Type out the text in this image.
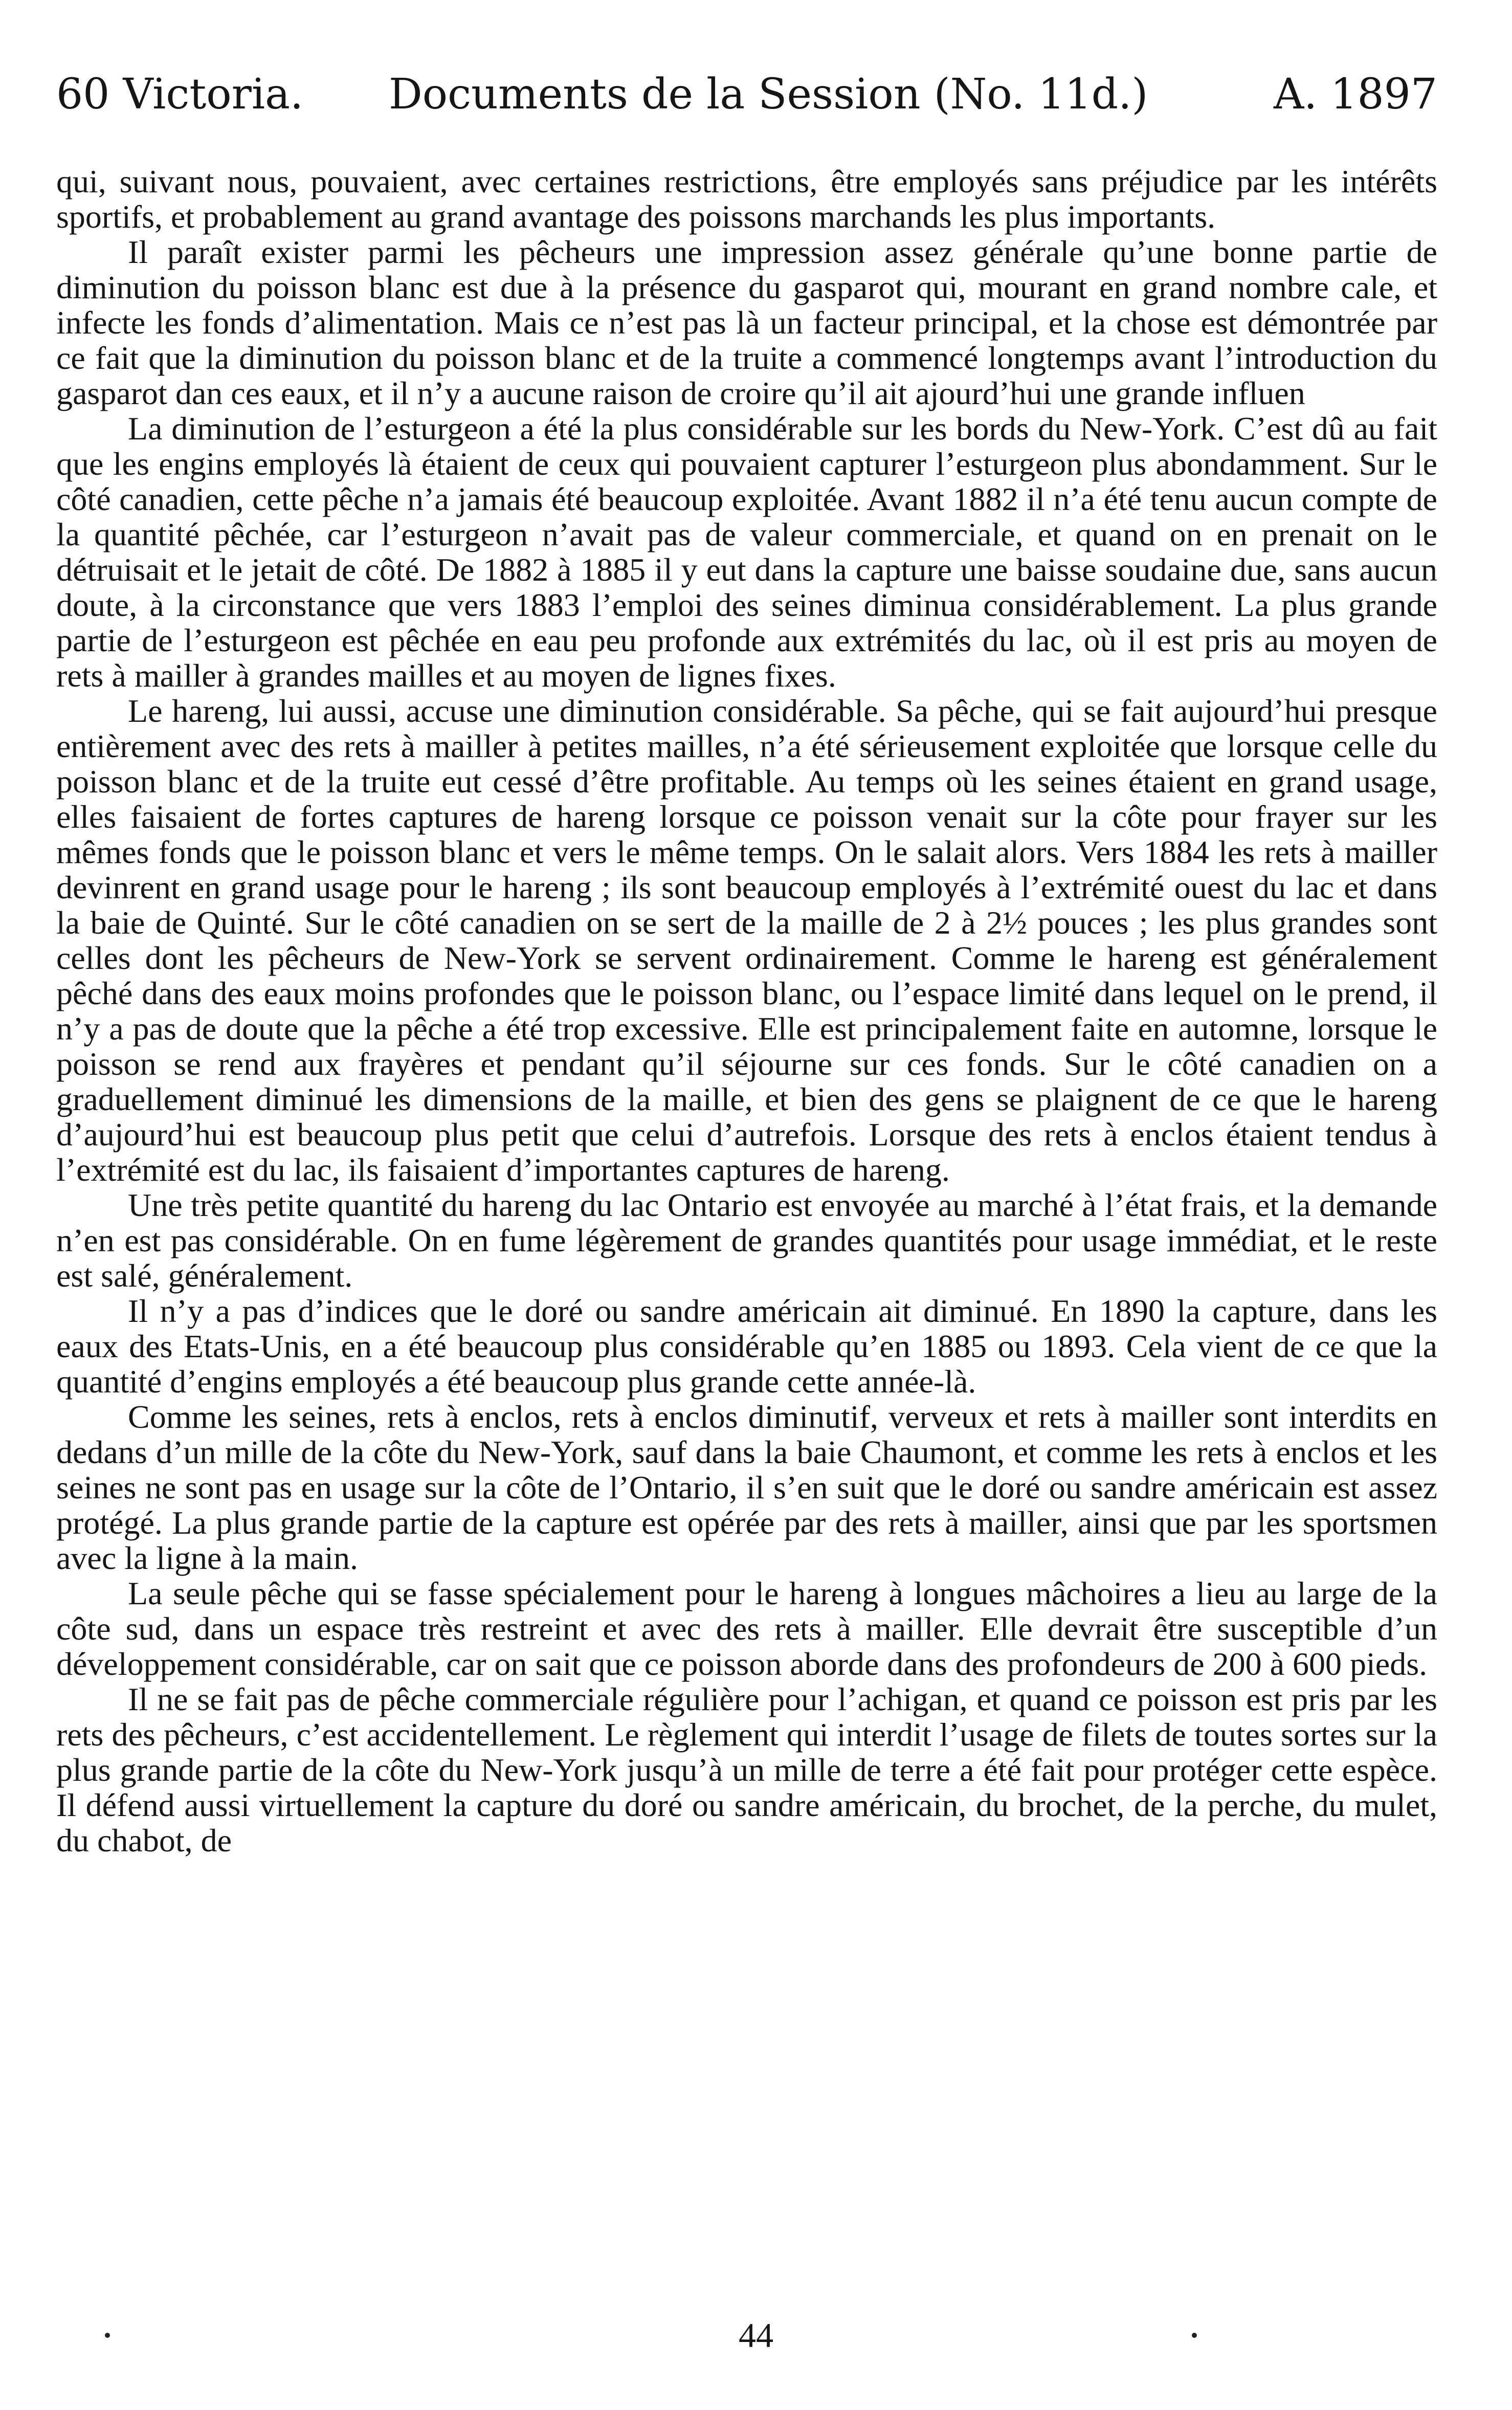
60 Victoria. Documents de la Session (No. 11d.)	A. 1897

qui, suivant nous, pouvaient, avec certaines restrictions, être employés sans préjudice par les intérêts sportifs, et probablement au grand avantage des poissons marchands les plus importants.

Il paraît exister parmi les pêcheurs une impression assez générale qu’une bonne partie de diminution du poisson blanc est due à la présence du gasparot qui, mourant en grand nombre cale, et infecte les fonds d’alimentation. Mais ce n’est pas là un facteur principal, et la chose est démontrée par ce fait que la diminution du poisson blanc et de la truite a commencé longtemps avant l’introduction du gasparot dan ces eaux, et il n’y a aucune raison de croire qu’il ait ajourd’hui une grande influen

La diminution de l’esturgeon a été la plus considérable sur les bords du New-York. C’est dû au fait que les engins employés là étaient de ceux qui pouvaient capturer l’esturgeon plus abondamment. Sur le côté canadien, cette pêche n’a jamais été beaucoup exploitée. Avant 1882 il n’a été tenu aucun compte de la quantité pêchée, car l’esturgeon n’avait pas de valeur commerciale, et quand on en prenait on le détruisait et le jetait de côté. De 1882 à 1885 il y eut dans la capture une baisse soudaine due, sans aucun doute, à la circonstance que vers 1883 l’emploi des seines diminua considérablement. La plus grande partie de l’esturgeon est pêchée en eau peu profonde aux extrémités du lac, où il est pris au moyen de rets à mailler à grandes mailles et au moyen de lignes fixes.

Le hareng, lui aussi, accuse une diminution considérable. Sa pêche, qui se fait aujourd’hui presque entièrement avec des rets à mailler à petites mailles, n’a été sérieusement exploitée que lorsque celle du poisson blanc et de la truite eut cessé d’être profitable. Au temps où les seines étaient en grand usage, elles faisaient de fortes captures de hareng lorsque ce poisson venait sur la côte pour frayer sur les mêmes fonds que le poisson blanc et vers le même temps. On le salait alors. Vers 1884 les rets à mailler devinrent en grand usage pour le hareng ; ils sont beaucoup employés à l’extrémité ouest du lac et dans la baie de Quinté. Sur le côté canadien on se sert de la maille de 2 à 2½ pouces ; les plus grandes sont celles dont les pêcheurs de New-York se servent ordinairement. Comme le hareng est généralement pêché dans des eaux moins profondes que le poisson blanc, ou l’espace limité dans lequel on le prend, il n’y a pas de doute que la pêche a été trop excessive. Elle est principalement faite en automne, lorsque le poisson se rend aux frayères et pendant qu’il séjourne sur ces fonds. Sur le côté canadien on a graduellement diminué les dimensions de la maille, et bien des gens se plaignent de ce que le hareng d’aujourd’hui est beaucoup plus petit que celui d’autrefois. Lorsque des rets à enclos étaient tendus à l’extrémité est du lac, ils faisaient d’importantes captures de hareng.

Une très petite quantité du hareng du lac Ontario est envoyée au marché à l’état frais, et la demande n’en est pas considérable. On en fume légèrement de grandes quantités pour usage immédiat, et le reste est salé, généralement.

Il n’y a pas d’indices que le doré ou sandre américain ait diminué. En 1890 la capture, dans les eaux des Etats-Unis, en a été beaucoup plus considérable qu’en 1885 ou 1893. Cela vient de ce que la quantité d’engins employés a été beaucoup plus grande cette année-là.

Comme les seines, rets à enclos, rets à enclos diminutif, verveux et rets à mailler sont interdits en dedans d’un mille de la côte du New-York, sauf dans la baie Chaumont, et comme les rets à enclos et les seines ne sont pas en usage sur la côte de l’Ontario, il s’en suit que le doré ou sandre américain est assez protégé. La plus grande partie de la capture est opérée par des rets à mailler, ainsi que par les sportsmen avec la ligne à la main.

La seule pêche qui se fasse spécialement pour le hareng à longues mâchoires a lieu au large de la côte sud, dans un espace très restreint et avec des rets à mailler. Elle devrait être susceptible d’un développement considérable, car on sait que ce poisson aborde dans des profondeurs de 200 à 600 pieds.

Il ne se fait pas de pêche commerciale régulière pour l’achigan, et quand ce poisson est pris par les rets des pêcheurs, c’est accidentellement. Le règlement qui interdit l’usage de filets de toutes sortes sur la plus grande partie de la côte du New-York jusqu’à un mille de terre a été fait pour protéger cette espèce. Il défend aussi virtuellement la capture du doré ou sandre américain, du brochet, de la perche, du mulet, du chabot, de

44
